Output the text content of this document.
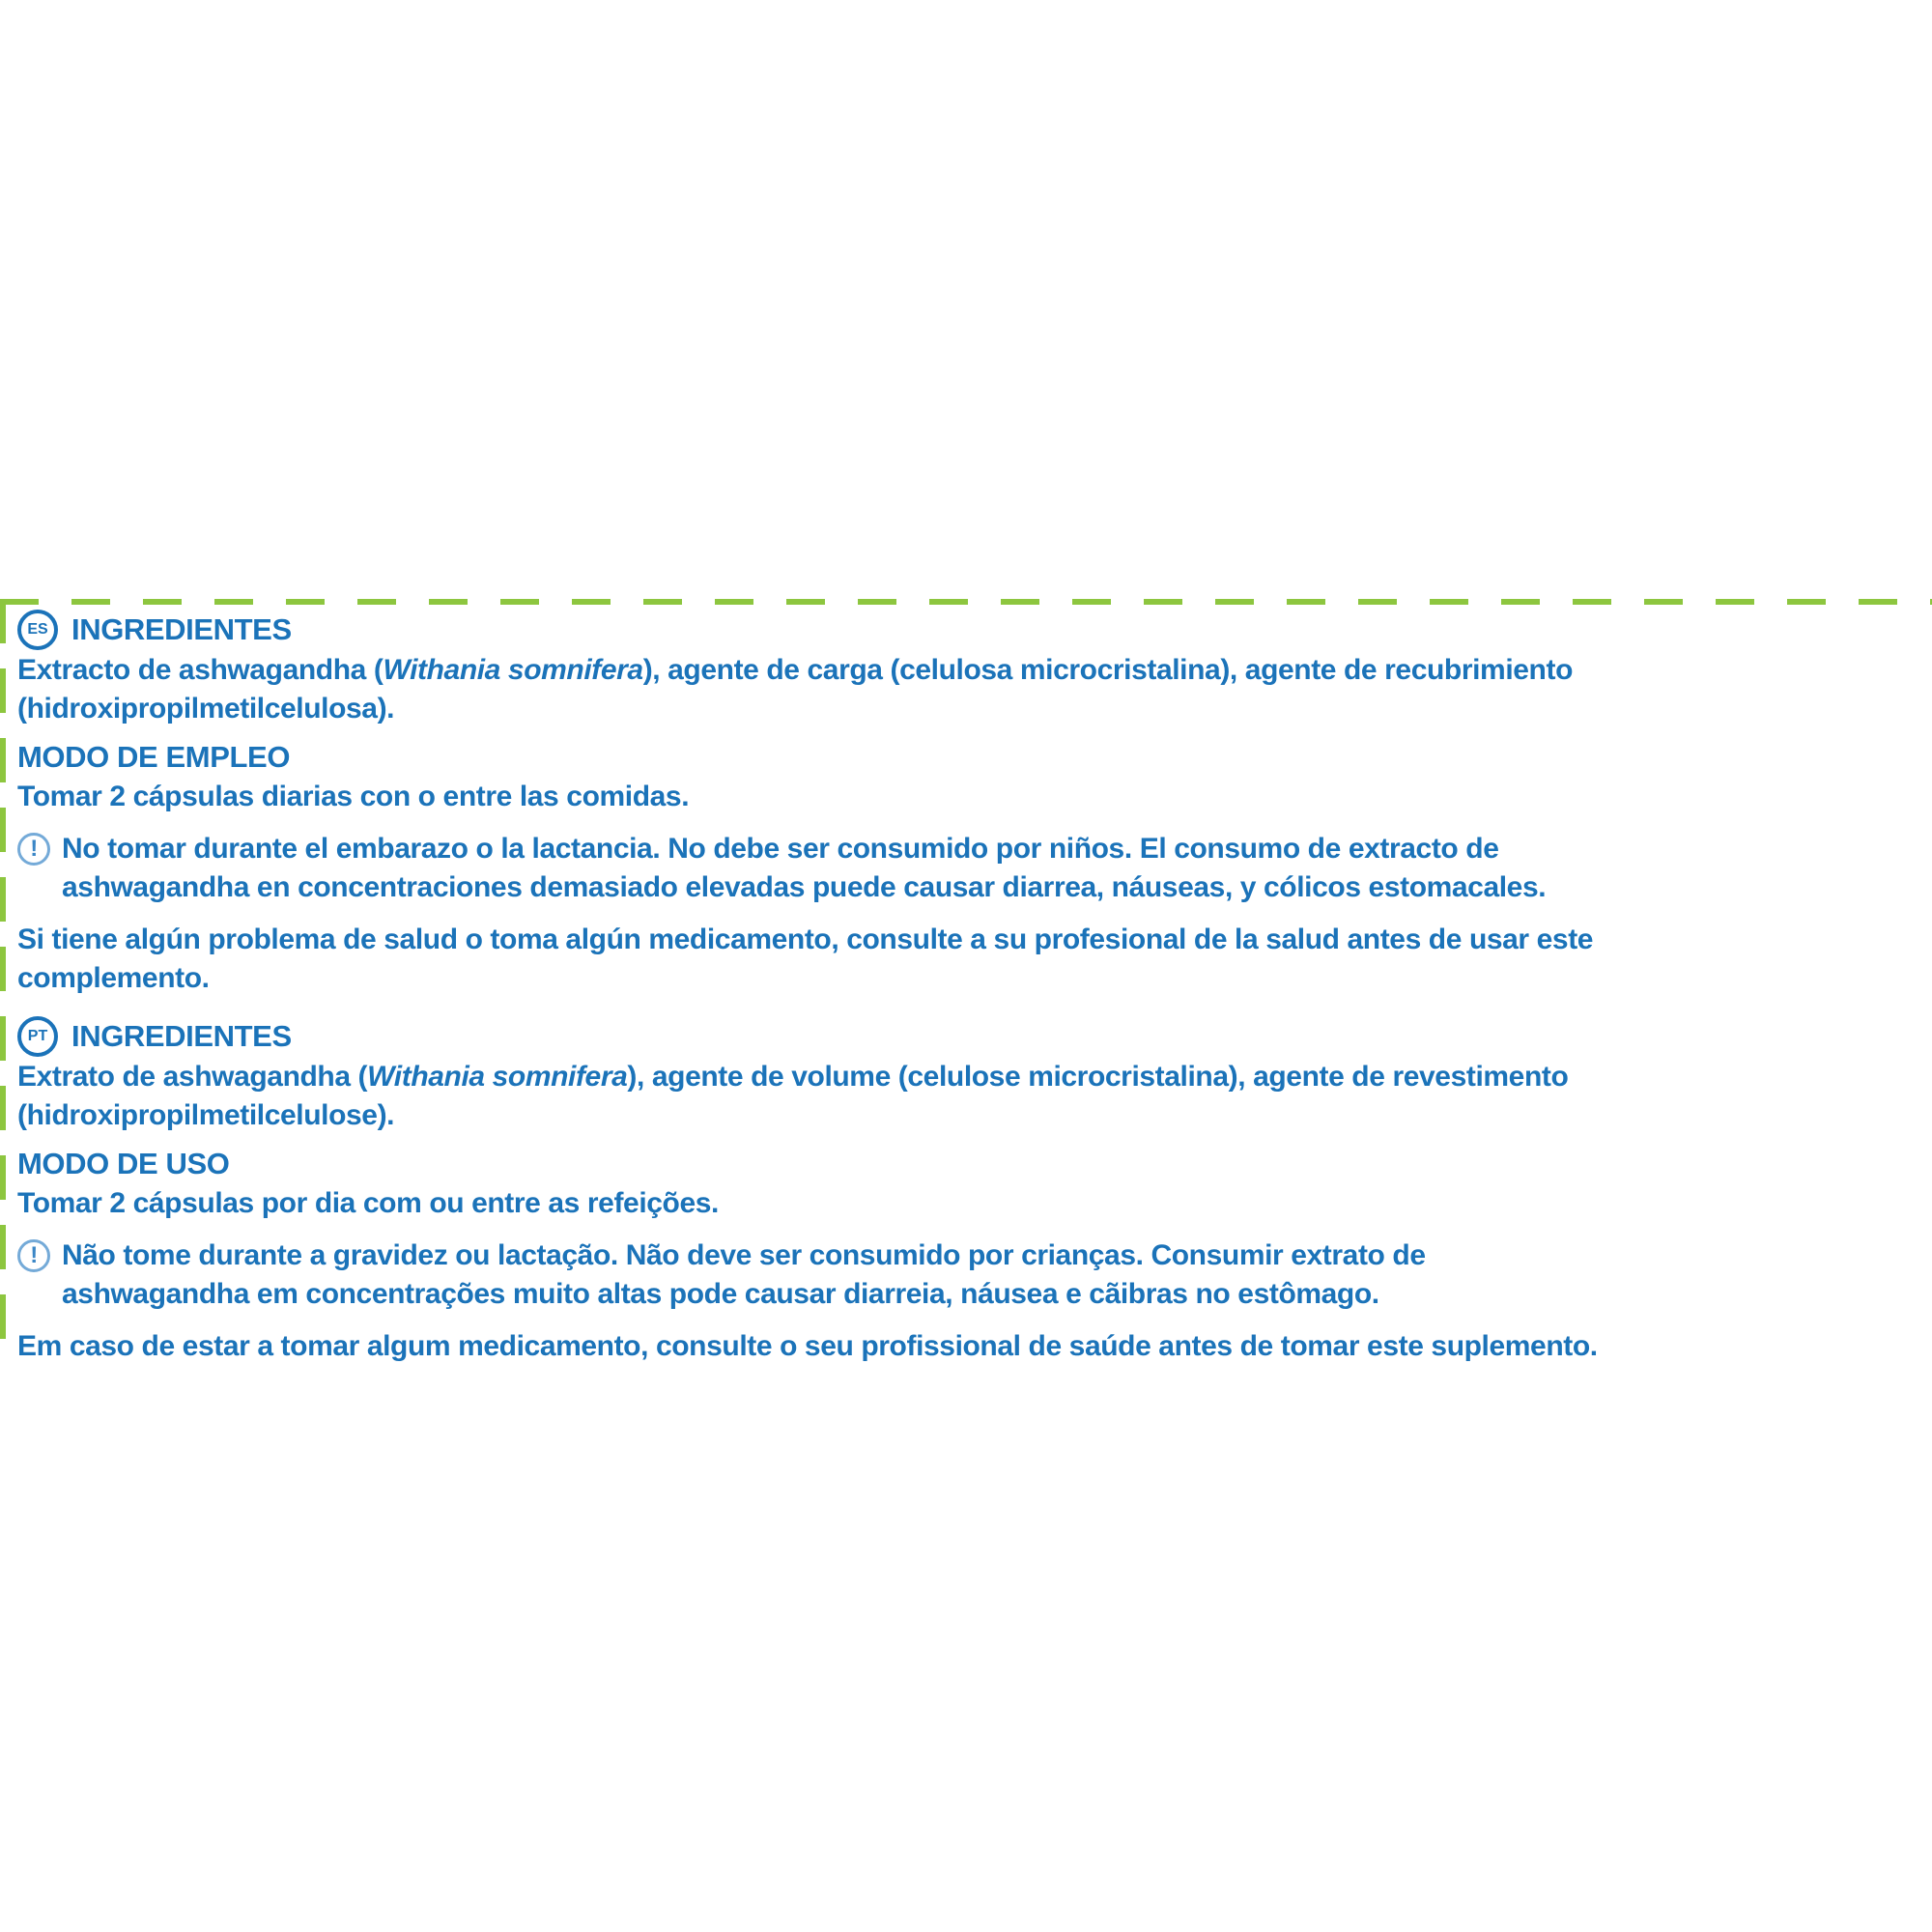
ES INGREDIENTES

Extracto de ashwagandha (Withania somnifera), agente de carga (celulosa microcristalina), agente de recubrimiento
(hidroxipropilmetilcelulosa).

MODO DE EMPLEO

Tomar 2 cápsulas diarias con o entre las comidas.

! No tomar durante el embarazo o la lactancia. No debe ser consumido por niños. El consumo de extracto de
ashwagandha en concentraciones demasiado elevadas puede causar diarrea, náuseas, y cólicos estomacales.

Si tiene algún problema de salud o toma algún medicamento, consulte a su profesional de la salud antes de usar este
complemento.

PT INGREDIENTES

Extrato de ashwagandha (Withania somnifera), agente de volume (celulose microcristalina), agente de revestimento
(hidroxipropilmetilcelulose).

MODO DE USO

Tomar 2 cápsulas por dia com ou entre as refeições.

! Não tome durante a gravidez ou lactação. Não deve ser consumido por crianças. Consumir extrato de
ashwagandha em concentrações muito altas pode causar diarreia, náusea e cãibras no estômago.

Em caso de estar a tomar algum medicamento, consulte o seu profissional de saúde antes de tomar este suplemento.
